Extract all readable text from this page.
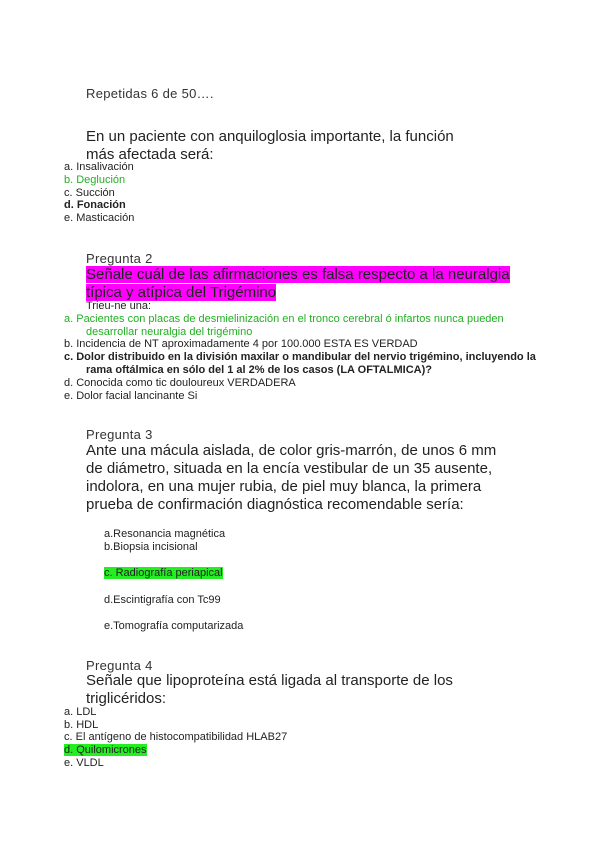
Repetidas 6 de 50….
En un paciente con anquiloglosia importante, la función más afectada será:
a. Insalivación
b. Deglución
c. Succión
d. Fonación
e. Masticación
Pregunta 2
Señale cuál de las afirmaciones es falsa respecto a la neuralgia típica y atípica del Trigémino
Trieu-ne una:
a. Pacientes con placas de desmielinización en el tronco cerebral ó infartos nunca pueden desarrollar neuralgia del trigémino
b. Incidencia de NT aproximadamente 4 por 100.000 ESTA ES VERDAD
c. Dolor distribuido en la división maxilar o mandibular del nervio trigémino, incluyendo la rama oftálmica en sólo del 1 al 2% de los casos (LA OFTALMICA)?
d. Conocida como tic douloureux VERDADERA
e. Dolor facial lancinante Si
Pregunta 3
Ante una mácula aislada, de color gris-marrón, de unos 6 mm de diámetro, situada en la encía vestibular de un 35 ausente, indolora, en una mujer rubia, de piel muy blanca, la primera prueba de confirmación diagnóstica recomendable sería:
a.Resonancia magnética
b.Biopsia incisional
c. Radiografía periapical
d.Escintigrafía con Tc99
e.Tomografía computarizada
Pregunta 4
Señale que lipoproteína está ligada al transporte de los triglicéridos:
a. LDL
b. HDL
c. El antígeno de histocompatibilidad HLAB27
d. Quilomicrones
e. VLDL
